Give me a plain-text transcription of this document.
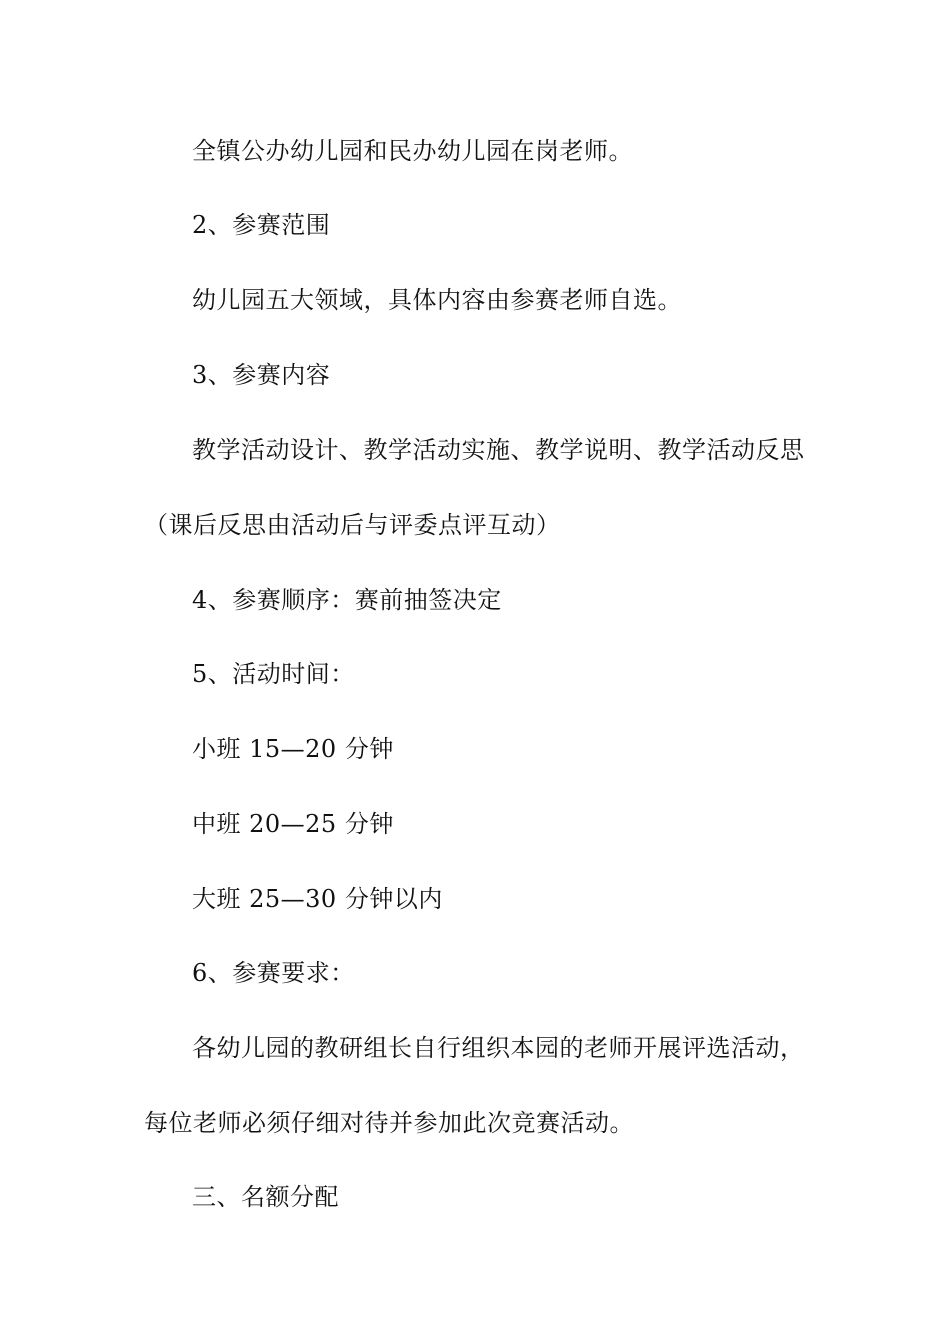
全镇公办幼儿园和民办幼儿园在岗老师。
2、参赛范围
幼儿园五大领域，具体内容由参赛老师自选。
3、参赛内容
教学活动设计、教学活动实施、教学说明、教学活动反思
（课后反思由活动后与评委点评互动）
4、参赛顺序：赛前抽签决定
5、活动时间：
小班 15—20 分钟
中班 20—25 分钟
大班 25—30 分钟以内
6、参赛要求：
各幼儿园的教研组长自行组织本园的老师开展评选活动，
每位老师必须仔细对待并参加此次竞赛活动。
三、名额分配
